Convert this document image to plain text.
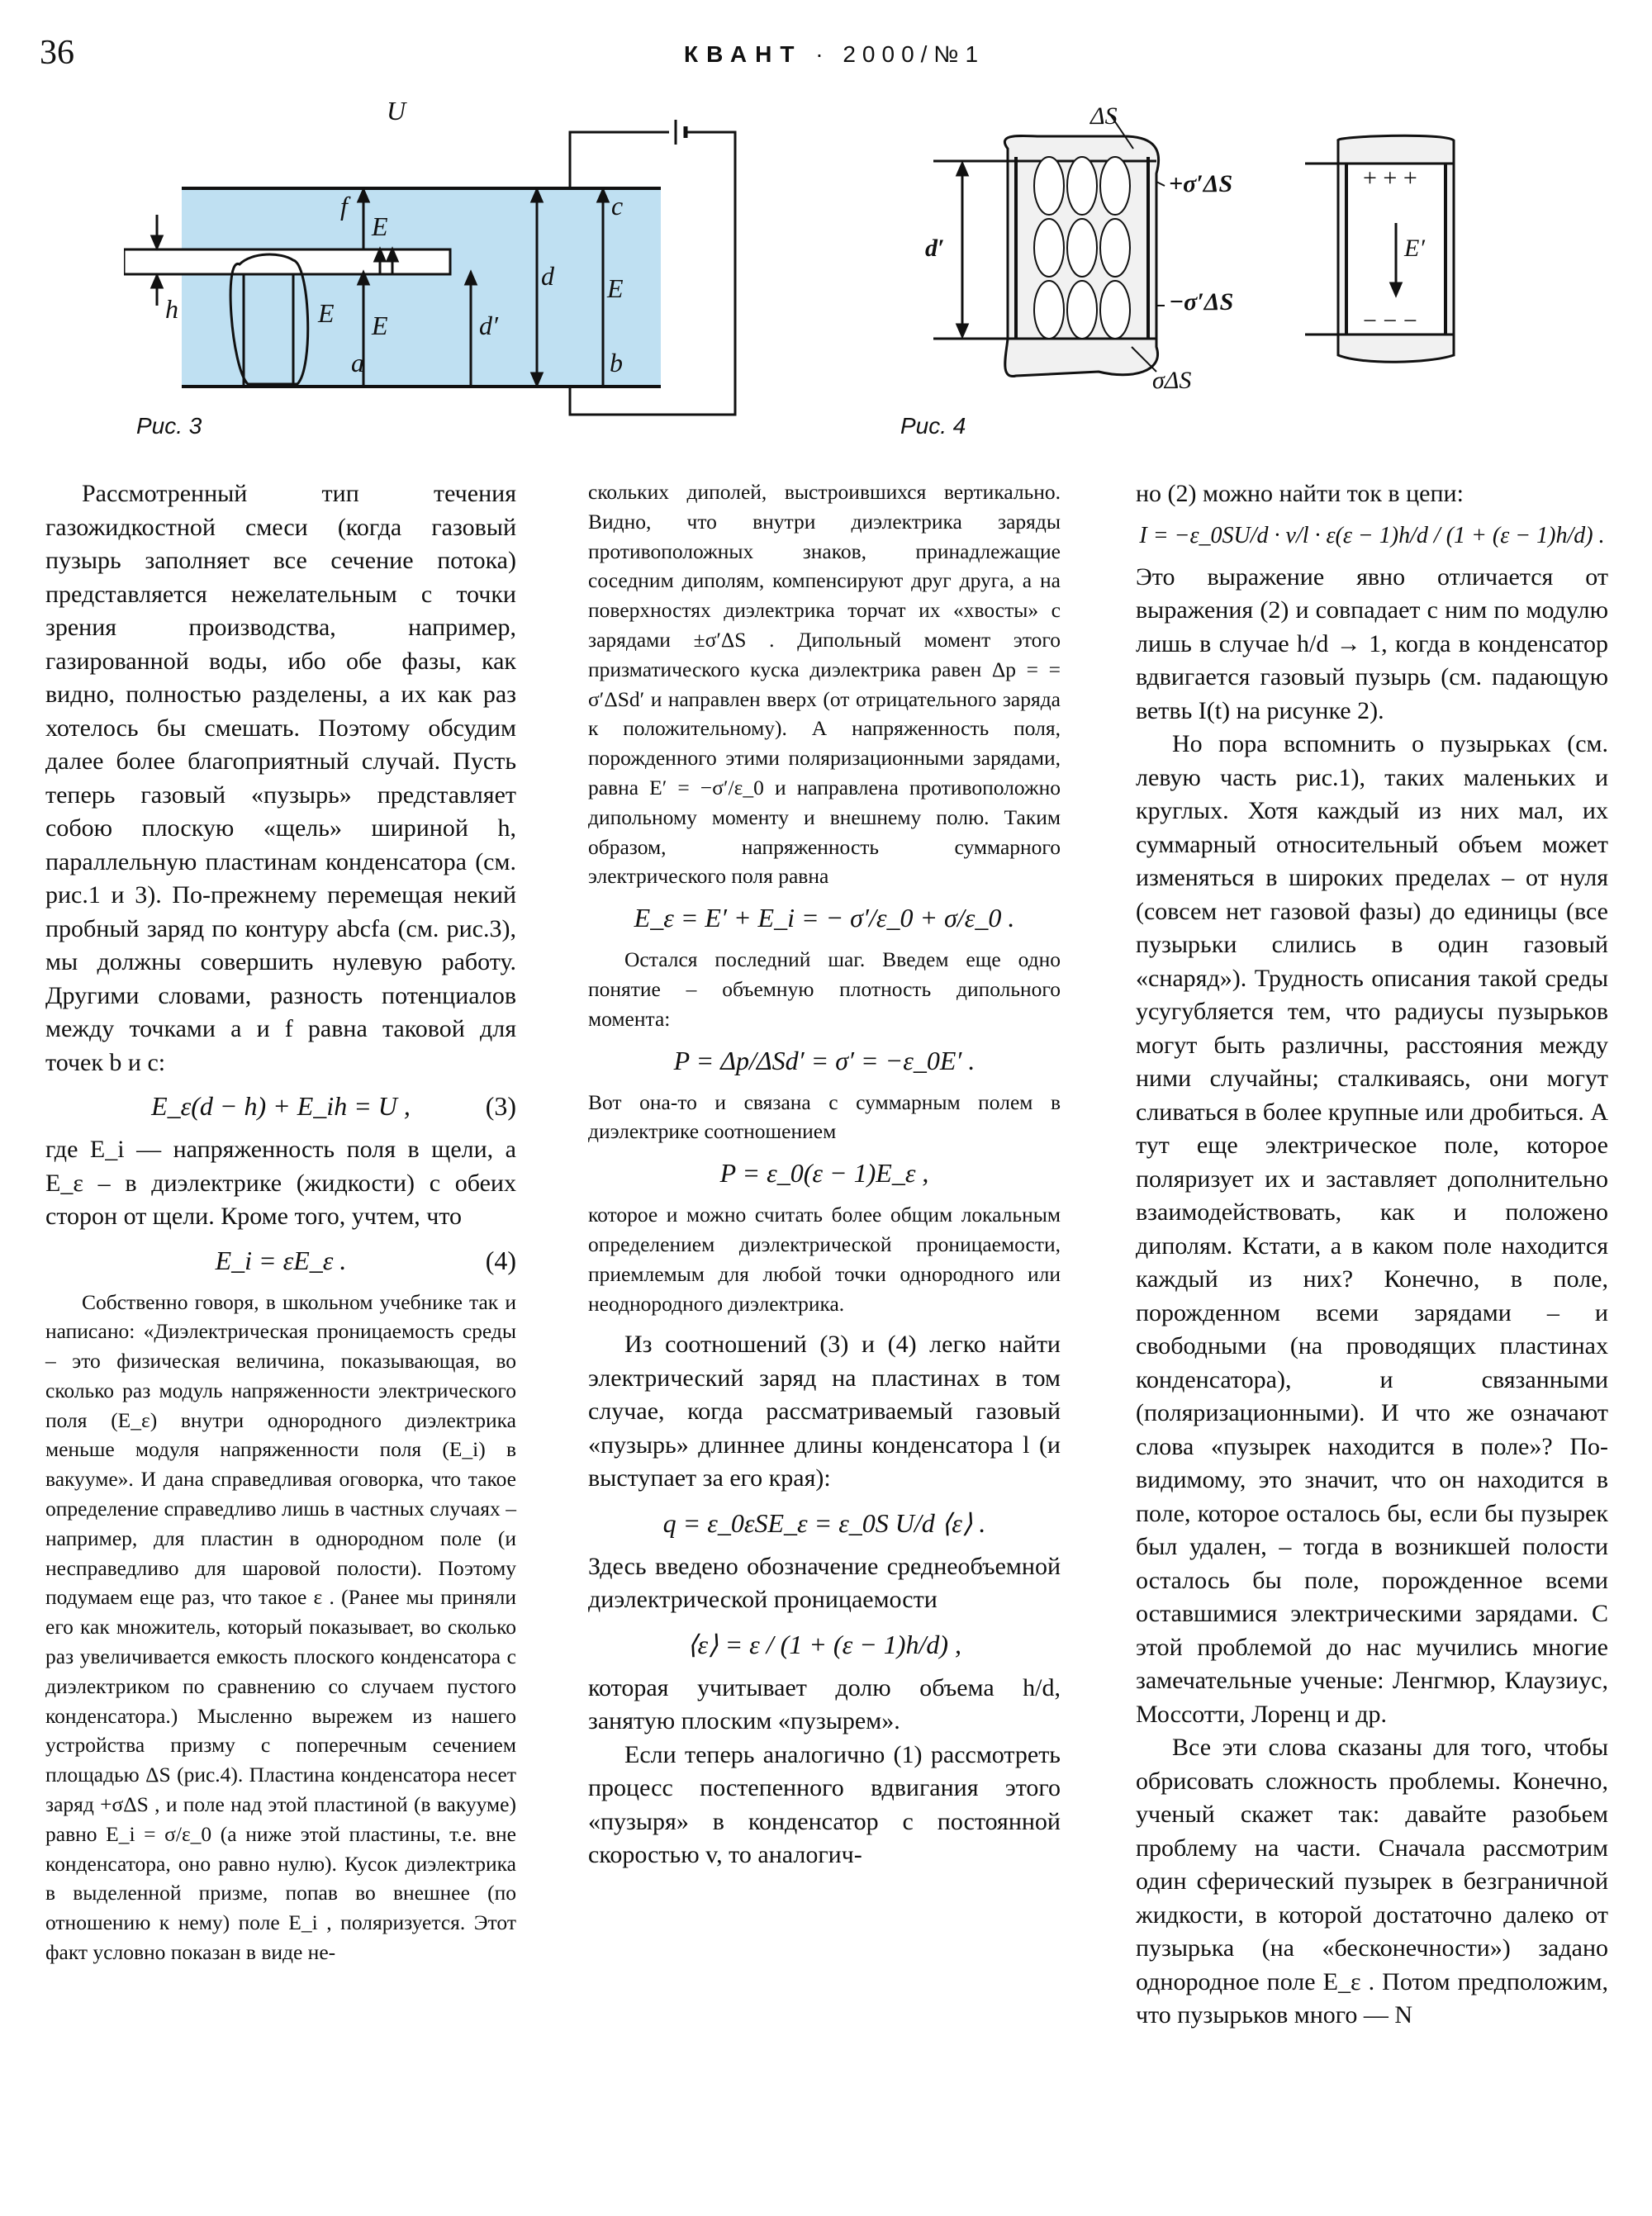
36	КВАНТ · 2000/№1
U
f	c
E
d E
E E	d′
h
a	b
Рис. 3
ΔS
d′
+σ′ΔS
−σ′ΔS
σΔS
E′
+ + +
− − −
Рис. 4

Рассмотренный тип течения газожидкостной смеси (когда газовый пузырь заполняет все сечение потока) представляется нежелательным с точки зрения производства, например, газированной воды, ибо обе фазы, как видно, полностью разделены, а их как раз хотелось бы смешать. Поэтому обсудим далее более благоприятный случай. Пусть теперь газовый «пузырь» представляет собою плоскую «щель» шириной h, параллельную пластинам конденсатора (см. рис.1 и 3). По-прежнему перемещая некий пробный заряд по контуру abcfa (см. рис.3), мы должны совершить нулевую работу. Другими словами, разность потенциалов между точками a и f равна таковой для точек b и c:

E_ε(d − h) + E_ih = U ,	(3)

где E_i — напряженность поля в щели, а E_ε – в диэлектрике (жидкости) с обеих сторон от щели. Кроме того, учтем, что

E_i = εE_ε .	(4)

Собственно говоря, в школьном учебнике так и написано: «Диэлектрическая проницаемость среды – это физическая величина, показывающая, во сколько раз модуль напряженности электрического поля (E_ε) внутри однородного диэлектрика меньше модуля напряженности поля (E_i) в вакууме». И дана справедливая оговорка, что такое определение справедливо лишь в частных случаях – например, для пластин в однородном поле (и несправедливо для шаровой полости). Поэтому подумаем еще раз, что такое ε . (Ранее мы приняли его как множитель, который показывает, во сколько раз увеличивается емкость плоского конденсатора с диэлектриком по сравнению со случаем пустого конденсатора.) Мысленно вырежем из нашего устройства призму с поперечным сечением площадью ΔS (рис.4). Пластина конденсатора несет заряд +σΔS , и поле над этой пластиной (в вакууме) равно E_i = σ/ε_0 (а ниже этой пластины, т.е. вне конденсатора, оно равно нулю). Кусок диэлектрика в выделенной призме, попав во внешнее (по отношению к нему) поле E_i , поляризуется. Этот факт условно показан в виде не-

скольких диполей, выстроившихся вертикально. Видно, что внутри диэлектрика заряды противоположных знаков, принадлежащие соседним диполям, компенсируют друг друга, а на поверхностях диэлектрика торчат их «хвосты» с зарядами ±σ′ΔS . Дипольный момент этого призматического куска диэлектрика равен Δp = = σ′ΔSd′ и направлен вверх (от отрицательного заряда к положительному). А напряженность поля, порожденного этими поляризационными зарядами, равна E′ = −σ′/ε_0 и направлена противоположно дипольному моменту и внешнему полю. Таким образом, напряженность суммарного электрического поля равна

E_ε = E′ + E_i = − σ′/ε_0 + σ/ε_0 .

Остался последний шаг. Введем еще одно понятие – объемную плотность дипольного момента:

P = Δp/ΔSd′ = σ′ = −ε_0E′ .

Вот она-то и связана с суммарным полем в диэлектрике соотношением

P = ε_0(ε − 1)E_ε ,

которое и можно считать более общим локальным определением диэлектрической проницаемости, приемлемым для любой точки однородного или неоднородного диэлектрика.

Из соотношений (3) и (4) легко найти электрический заряд на пластинах в том случае, когда рассматриваемый газовый «пузырь» длиннее длины конденсатора l (и выступает за его края):

q = ε_0εSE_ε = ε_0S U/d ⟨ε⟩ .

Здесь введено обозначение среднеобъемной диэлектрической проницаемости

⟨ε⟩ = ε / (1 + (ε − 1)h/d) ,

которая учитывает долю объема h/d, занятую плоским «пузырем».

Если теперь аналогично (1) рассмотреть процесс постепенного вдвигания этого «пузыря» в конденсатор с постоянной скоростью v, то аналогич-

но (2) можно найти ток в цепи:

I = −ε_0SU/d · v/l · ε(ε − 1)h/d / (1 + (ε − 1)h/d) .

Это выражение явно отличается от выражения (2) и совпадает с ним по модулю лишь в случае h/d → 1, когда в конденсатор вдвигается газовый пузырь (см. падающую ветвь I(t) на рисунке 2).

Но пора вспомнить о пузырьках (см. левую часть рис.1), таких маленьких и круглых. Хотя каждый из них мал, их суммарный относительный объем может изменяться в широких пределах – от нуля (совсем нет газовой фазы) до единицы (все пузырьки слились в один газовый «снаряд»). Трудность описания такой среды усугубляется тем, что радиусы пузырьков могут быть различны, расстояния между ними случайны; сталкиваясь, они могут сливаться в более крупные или дробиться. А тут еще электрическое поле, которое поляризует их и заставляет дополнительно взаимодействовать, как и положено диполям. Кстати, а в каком поле находится каждый из них? Конечно, в поле, порожденном всеми зарядами – и свободными (на проводящих пластинах конденсатора), и связанными (поляризационными). И что же означают слова «пузырек находится в поле»? По-видимому, это значит, что он находится в поле, которое осталось бы, если бы пузырек был удален, – тогда в возникшей полости осталось бы поле, порожденное всеми оставшимися электрическими зарядами. С этой проблемой до нас мучились многие замечательные ученые: Ленгмюр, Клаузиус, Моссотти, Лоренц и др.

Все эти слова сказаны для того, чтобы обрисовать сложность проблемы. Конечно, ученый скажет так: давайте разобьем проблему на части. Сначала рассмотрим один сферический пузырек в безграничной жидкости, в которой достаточно далеко от пузырька (на «бесконечности») задано однородное поле E_ε . Потом предположим, что пузырьков много — N
